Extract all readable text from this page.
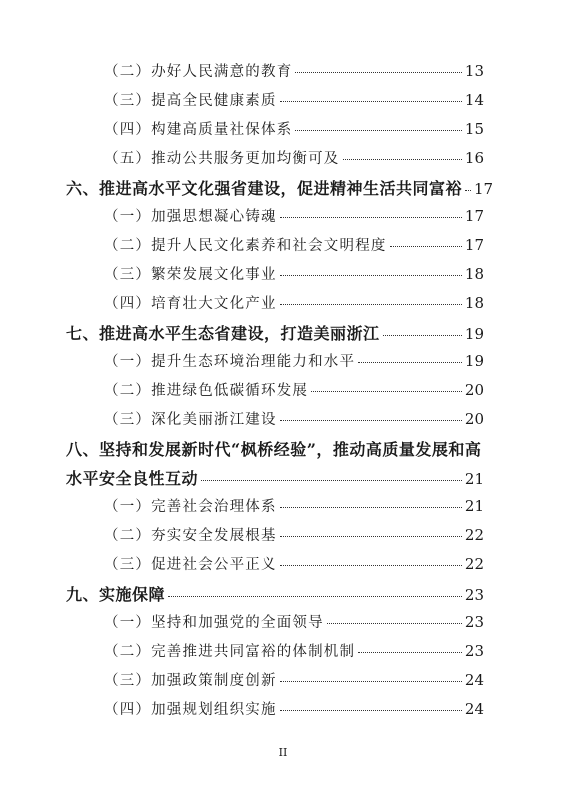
（二）办好人民满意的教育	13
（三）提高全民健康素质	14
（四）构建高质量社保体系	15
（五）推动公共服务更加均衡可及	16
六、推进高水平文化强省建设，促进精神生活共同富裕 17
（一）加强思想凝心铸魂	17
（二）提升人民文化素养和社会文明程度	17
（三）繁荣发展文化事业	18
（四）培育壮大文化产业	18
七、推进高水平生态省建设，打造美丽浙江	19
（一）提升生态环境治理能力和水平	19
（二）推进绿色低碳循环发展	20
（三）深化美丽浙江建设	20
八、坚持和发展新时代“枫桥经验”，推动高质量发展和高
水平安全良性互动	21
（一）完善社会治理体系	21
（二）夯实安全发展根基	22
（三）促进社会公平正义	22
九、实施保障	23
（一）坚持和加强党的全面领导	23
（二）完善推进共同富裕的体制机制	23
（三）加强政策制度创新	24
（四）加强规划组织实施	24
II
